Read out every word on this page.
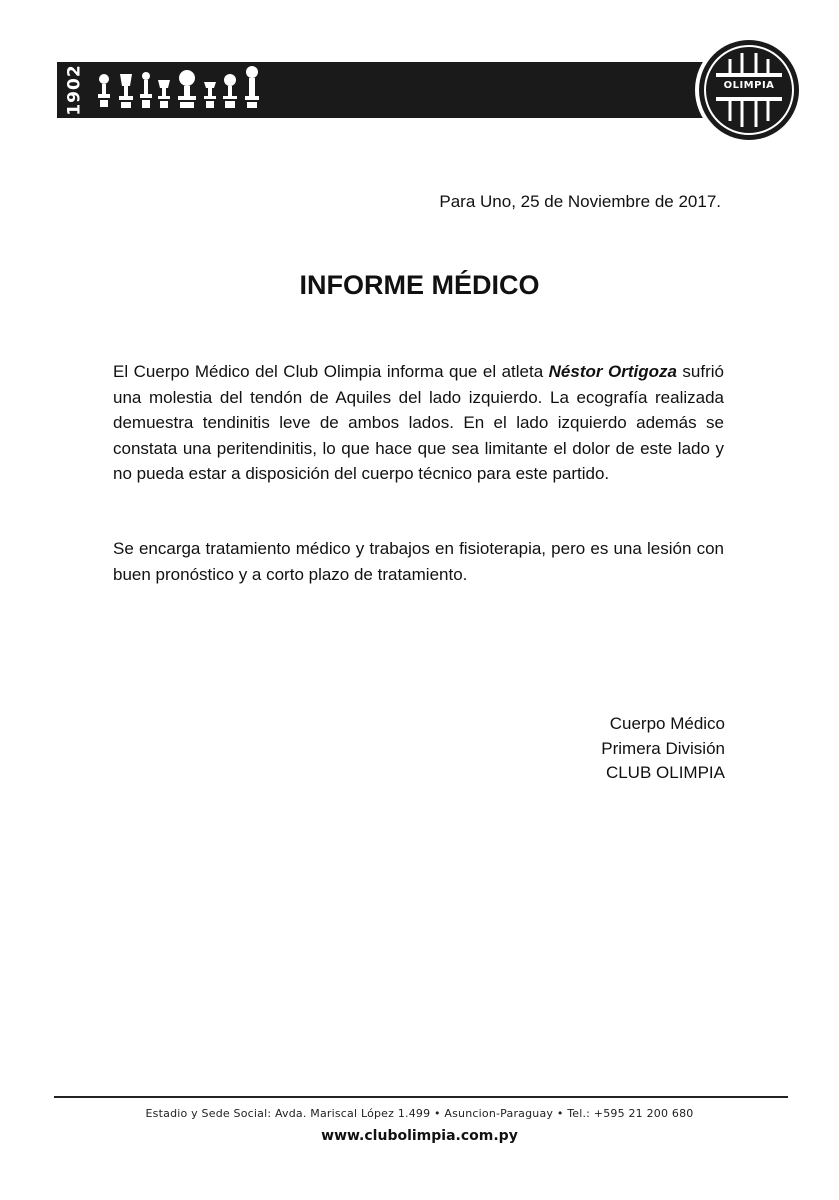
1902	OLIMPIA
Para Uno, 25 de Noviembre de 2017.
INFORME MÉDICO

El Cuerpo Médico del Club Olimpia informa que el atleta Néstor Ortigoza sufrió una molestia del tendón de Aquiles del lado izquierdo. La ecografía realizada demuestra tendinitis leve de ambos lados. En el lado izquierdo además se constata una peritendinitis, lo que hace que sea limitante el dolor de este lado y no pueda estar a disposición del cuerpo técnico para este partido.

Se encarga tratamiento médico y trabajos en fisioterapia, pero es una lesión con buen pronóstico y a corto plazo de tratamiento.

Cuerpo Médico
Primera División
CLUB OLIMPIA
Estadio y Sede Social: Avda. Mariscal López 1.499 • Asuncion-Paraguay • Tel.: +595 21 200 680
www.clubolimpia.com.py
